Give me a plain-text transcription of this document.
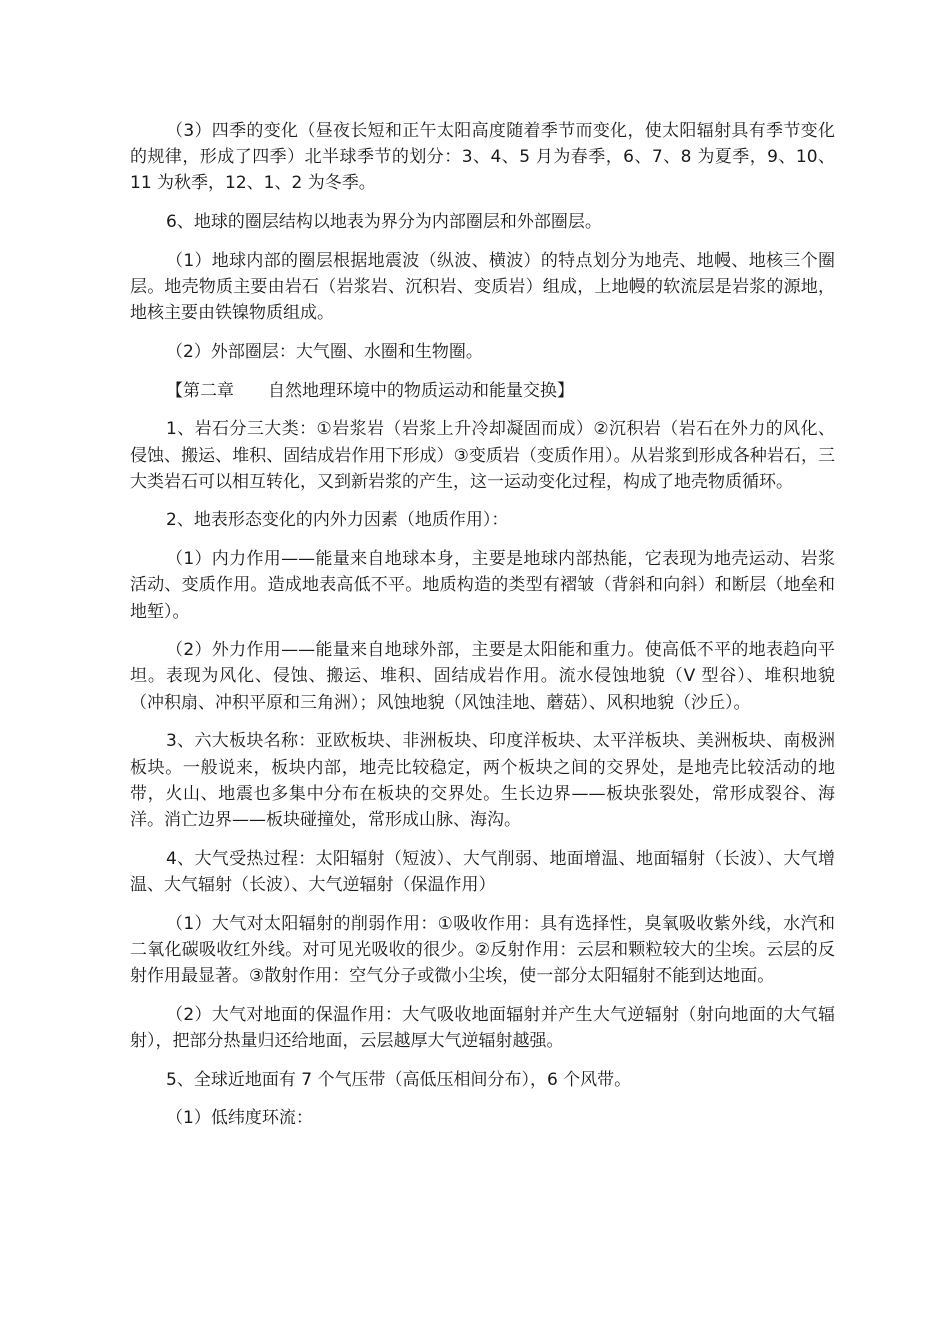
（3）四季的变化（昼夜长短和正午太阳高度随着季节而变化，使太阳辐射具有季节变化的规律，形成了四季）北半球季节的划分：3、4、5 月为春季，6、7、8 为夏季，9、10、11 为秋季，12、1、2 为冬季。

6、地球的圈层结构以地表为界分为内部圈层和外部圈层。

（1）地球内部的圈层根据地震波（纵波、横波）的特点划分为地壳、地幔、地核三个圈层。地壳物质主要由岩石（岩浆岩、沉积岩、变质岩）组成，上地幔的软流层是岩浆的源地，地核主要由铁镍物质组成。

（2）外部圈层：大气圈、水圈和生物圈。

【第二章　　自然地理环境中的物质运动和能量交换】

1、岩石分三大类：①岩浆岩（岩浆上升冷却凝固而成）②沉积岩（岩石在外力的风化、侵蚀、搬运、堆积、固结成岩作用下形成）③变质岩（变质作用）。从岩浆到形成各种岩石，三大类岩石可以相互转化，又到新岩浆的产生，这一运动变化过程，构成了地壳物质循环。

2、地表形态变化的内外力因素（地质作用）：

（1）内力作用——能量来自地球本身，主要是地球内部热能，它表现为地壳运动、岩浆活动、变质作用。造成地表高低不平。地质构造的类型有褶皱（背斜和向斜）和断层（地垒和地堑）。

（2）外力作用——能量来自地球外部，主要是太阳能和重力。使高低不平的地表趋向平坦。表现为风化、侵蚀、搬运、堆积、固结成岩作用。流水侵蚀地貌（V 型谷）、堆积地貌（冲积扇、冲积平原和三角洲）；风蚀地貌（风蚀洼地、蘑菇）、风积地貌（沙丘）。

3、六大板块名称：亚欧板块、非洲板块、印度洋板块、太平洋板块、美洲板块、南极洲板块。一般说来，板块内部，地壳比较稳定，两个板块之间的交界处，是地壳比较活动的地带，火山、地震也多集中分布在板块的交界处。生长边界——板块张裂处，常形成裂谷、海洋。消亡边界——板块碰撞处，常形成山脉、海沟。

4、大气受热过程：太阳辐射（短波）、大气削弱、地面增温、地面辐射（长波）、大气增温、大气辐射（长波）、大气逆辐射（保温作用）

（1）大气对太阳辐射的削弱作用：①吸收作用：具有选择性，臭氧吸收紫外线，水汽和二氧化碳吸收红外线。对可见光吸收的很少。②反射作用：云层和颗粒较大的尘埃。云层的反射作用最显著。③散射作用：空气分子或微小尘埃，使一部分太阳辐射不能到达地面。

（2）大气对地面的保温作用：大气吸收地面辐射并产生大气逆辐射（射向地面的大气辐射），把部分热量归还给地面，云层越厚大气逆辐射越强。

5、全球近地面有 7 个气压带（高低压相间分布），6 个风带。

（1）低纬度环流：
